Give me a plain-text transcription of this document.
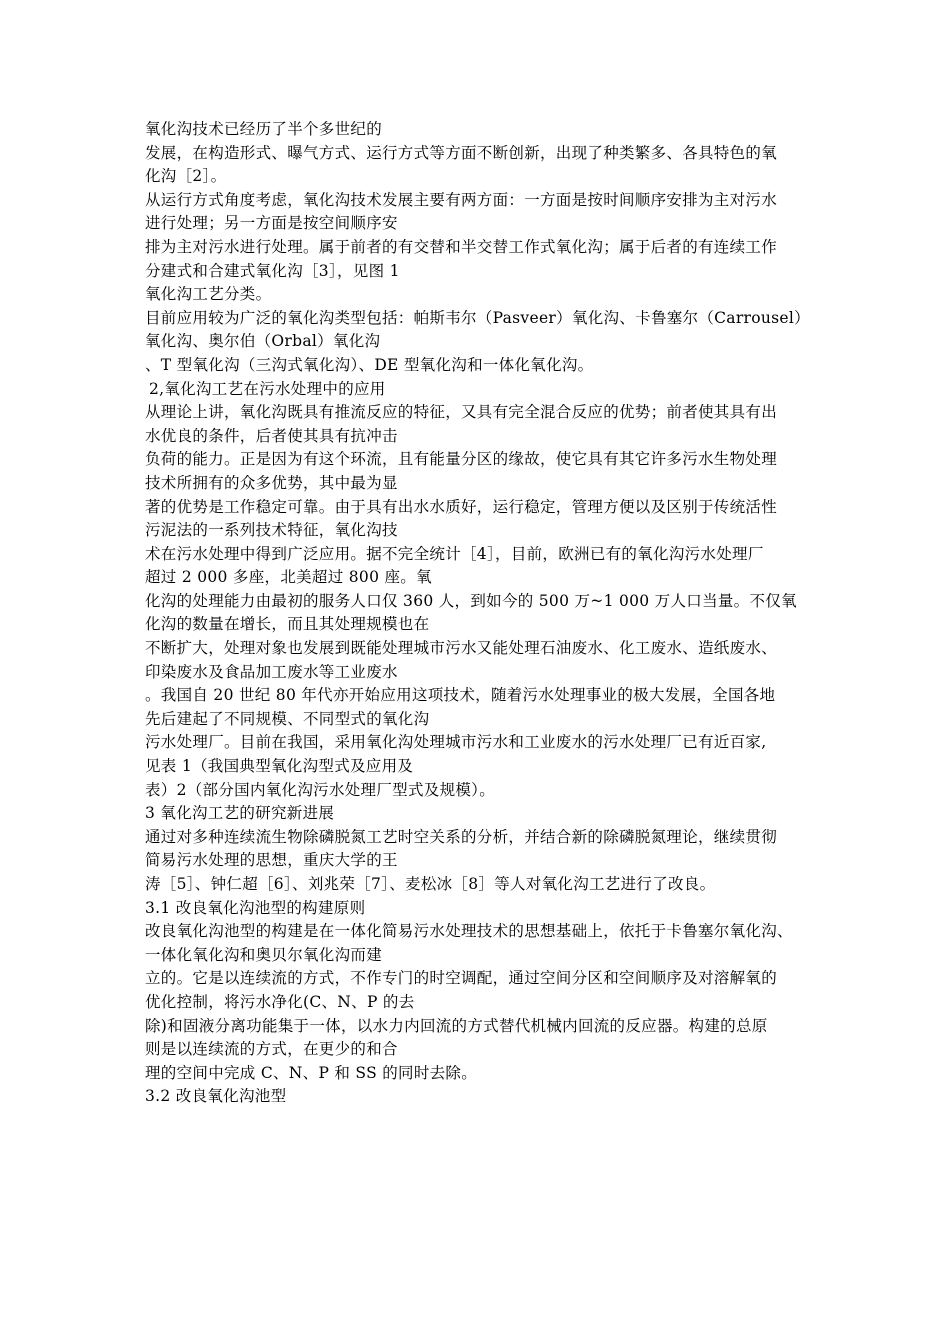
氧化沟技术已经历了半个多世纪的
发展，在构造形式、曝气方式、运行方式等方面不断创新，出现了种类繁多、各具特色的氧
化沟［2］。
从运行方式角度考虑，氧化沟技术发展主要有两方面：一方面是按时间顺序安排为主对污水
进行处理；另一方面是按空间顺序安
排为主对污水进行处理。属于前者的有交替和半交替工作式氧化沟；属于后者的有连续工作
分建式和合建式氧化沟［3］，见图 1
氧化沟工艺分类。
目前应用较为广泛的氧化沟类型包括：帕斯韦尔（Pasveer）氧化沟、卡鲁塞尔（Carrousel）
氧化沟、奥尔伯（Orbal）氧化沟
、T 型氧化沟（三沟式氧化沟）、DE 型氧化沟和一体化氧化沟。
2,氧化沟工艺在污水处理中的应用
从理论上讲，氧化沟既具有推流反应的特征，又具有完全混合反应的优势；前者使其具有出
水优良的条件，后者使其具有抗冲击
负荷的能力。正是因为有这个环流，且有能量分区的缘故，使它具有其它许多污水生物处理
技术所拥有的众多优势，其中最为显
著的优势是工作稳定可靠。由于具有出水水质好，运行稳定，管理方便以及区别于传统活性
污泥法的一系列技术特征，氧化沟技
术在污水处理中得到广泛应用。据不完全统计［4］，目前，欧洲已有的氧化沟污水处理厂
超过 2 000 多座，北美超过 800 座。氧
化沟的处理能力由最初的服务人口仅 360 人，到如今的 500 万~1 000 万人口当量。不仅氧
化沟的数量在增长，而且其处理规模也在
不断扩大，处理对象也发展到既能处理城市污水又能处理石油废水、化工废水、造纸废水、
印染废水及食品加工废水等工业废水
。我国自 20 世纪 80 年代亦开始应用这项技术，随着污水处理事业的极大发展，全国各地
先后建起了不同规模、不同型式的氧化沟
污水处理厂。目前在我国，采用氧化沟处理城市污水和工业废水的污水处理厂已有近百家,
见表 1（我国典型氧化沟型式及应用及
表）2（部分国内氧化沟污水处理厂型式及规模）。
3 氧化沟工艺的研究新进展
通过对多种连续流生物除磷脱氮工艺时空关系的分析，并结合新的除磷脱氮理论，继续贯彻
简易污水处理的思想，重庆大学的王
涛［5］、钟仁超［6］、刘兆荣［7］、麦松冰［8］等人对氧化沟工艺进行了改良。
3.1 改良氧化沟池型的构建原则
改良氧化沟池型的构建是在一体化简易污水处理技术的思想基础上，依托于卡鲁塞尔氧化沟、
一体化氧化沟和奥贝尔氧化沟而建
立的。它是以连续流的方式，不作专门的时空调配，通过空间分区和空间顺序及对溶解氧的
优化控制，将污水净化(C、N、P 的去
除)和固液分离功能集于一体，以水力内回流的方式替代机械内回流的反应器。构建的总原
则是以连续流的方式，在更少的和合
理的空间中完成 C、N、P 和 SS 的同时去除。
3.2 改良氧化沟池型
